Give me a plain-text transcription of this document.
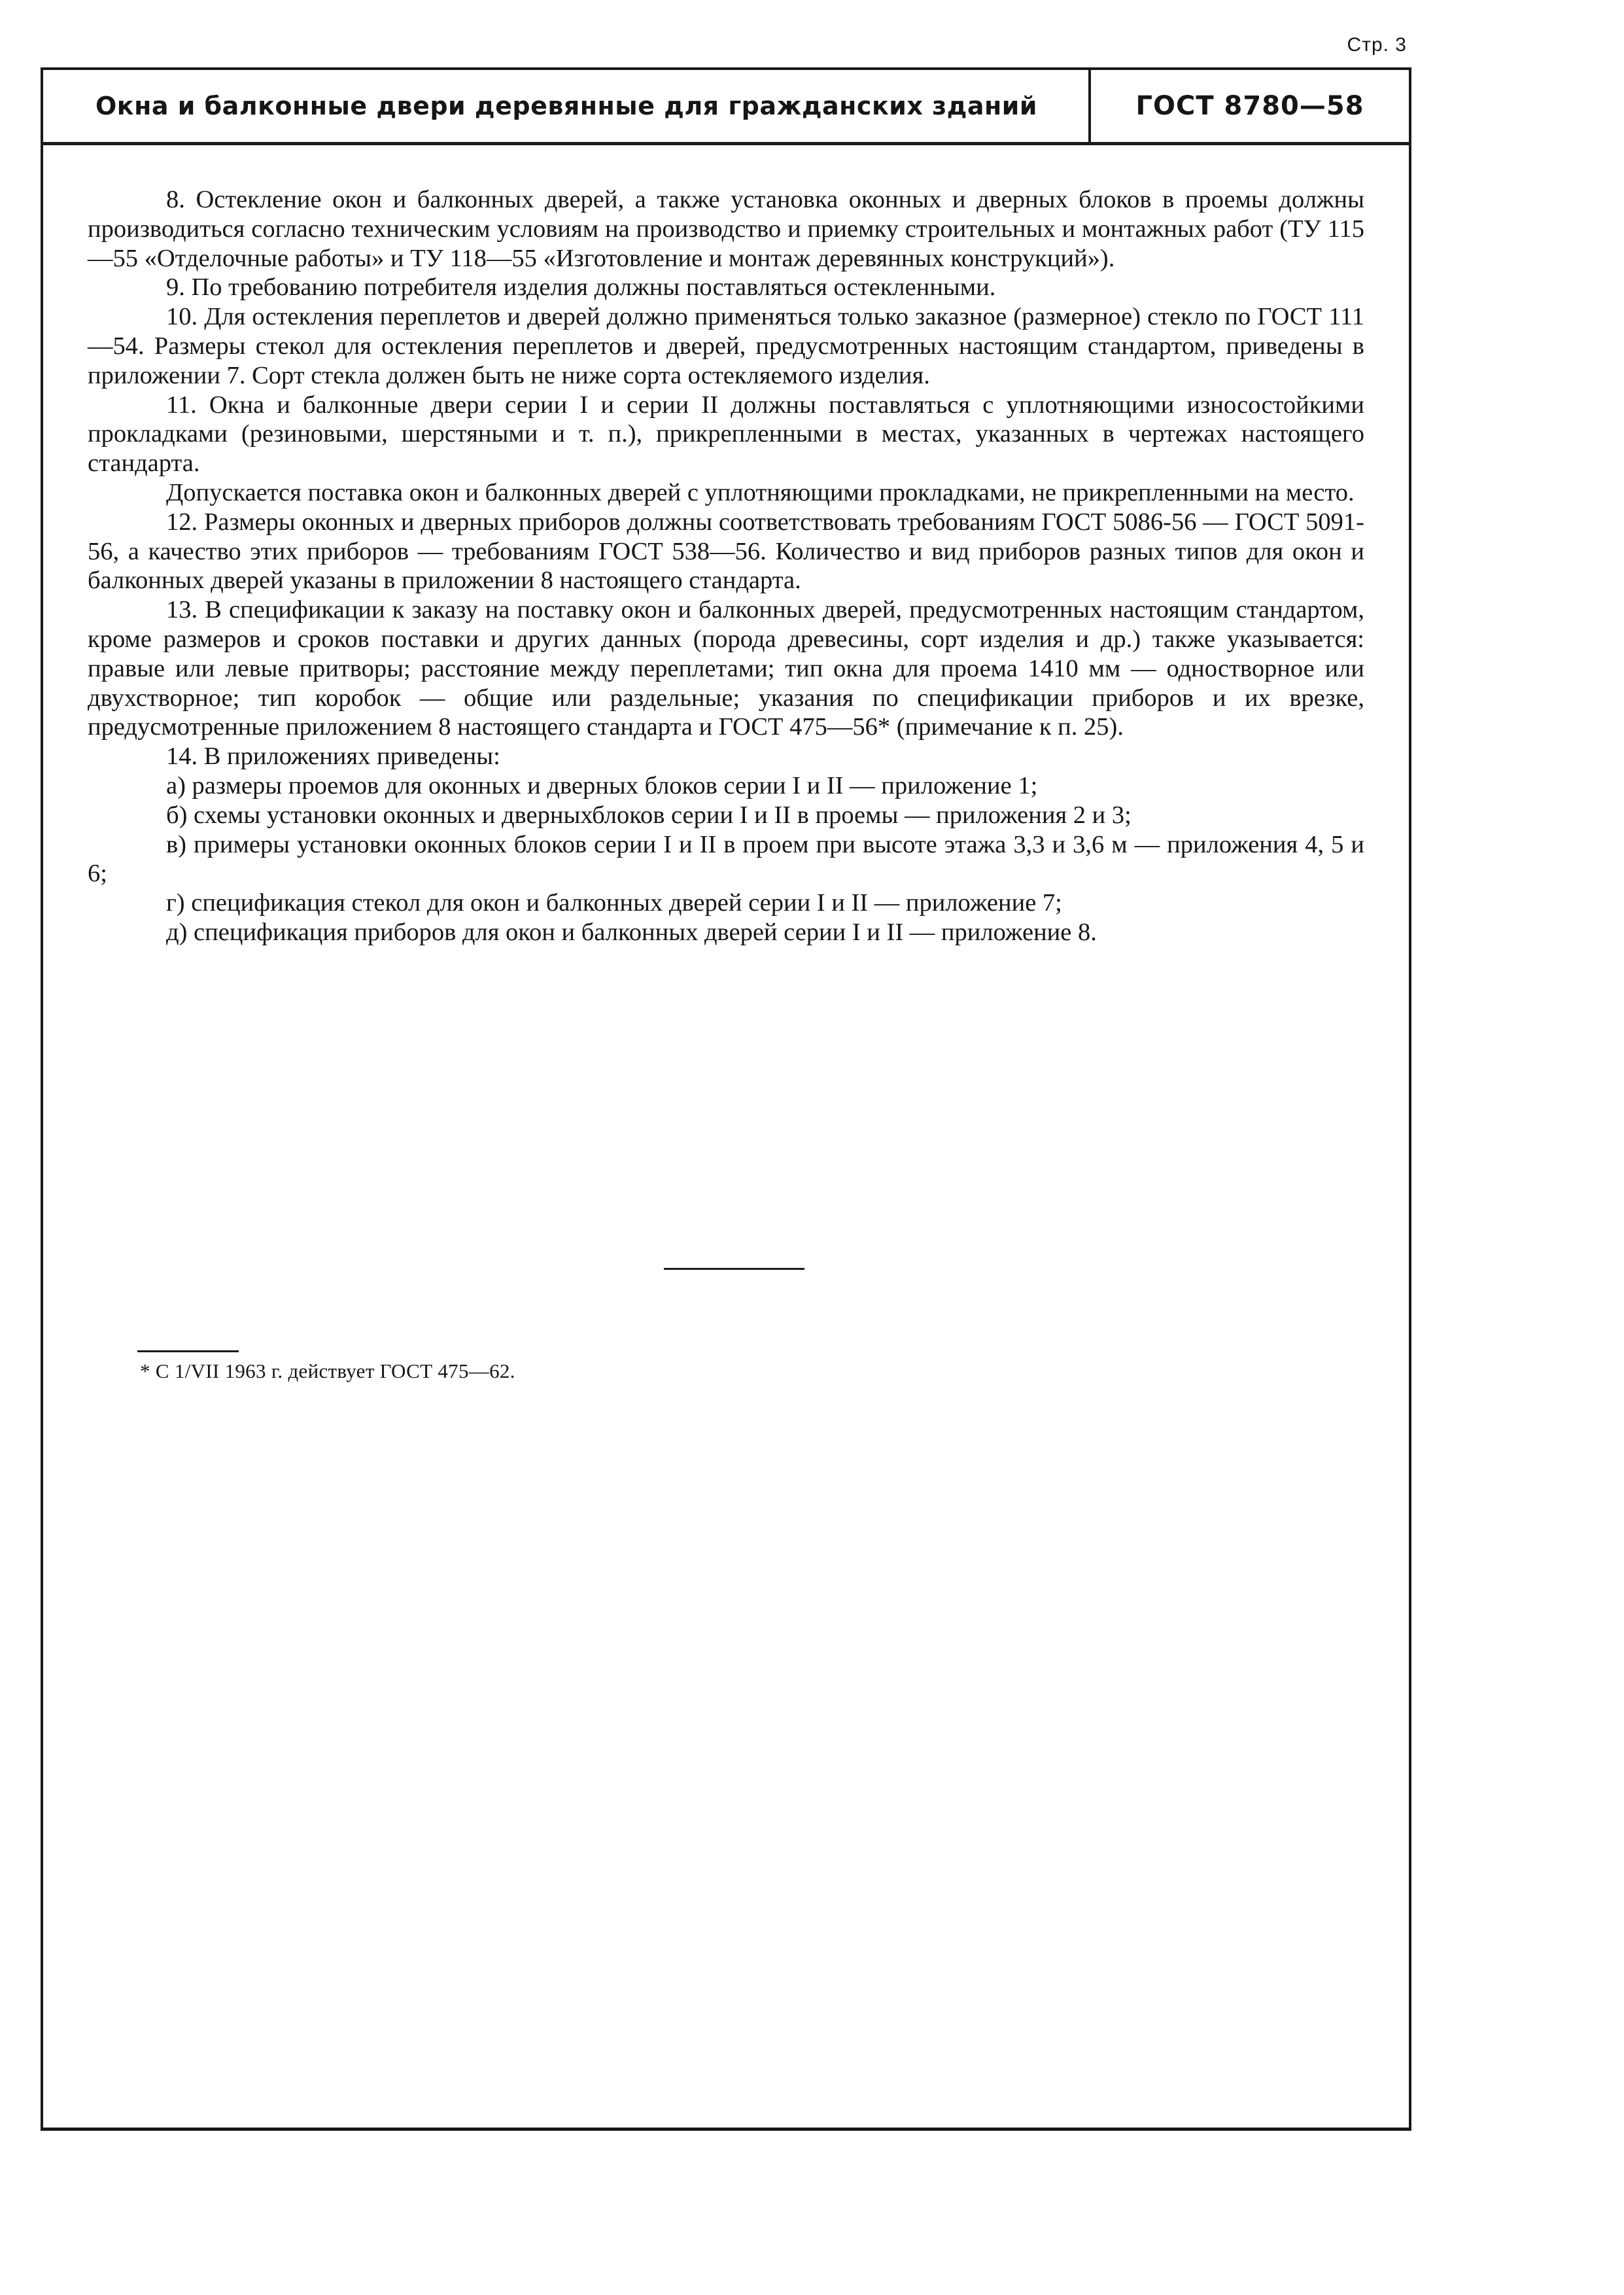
Стр. 3
Окна и балконные двери деревянные для гражданских зданий	ГОСТ 8780—58

8. Остекление окон и балконных дверей, а также установка оконных и дверных блоков в проемы должны производиться согласно техническим условиям на производство и приемку строительных и монтажных работ (ТУ 115—55 «Отделочные работы» и ТУ 118—55 «Изготовление и монтаж деревянных конструкций»).

9. По требованию потребителя изделия должны поставляться остекленными.

10. Для остекления переплетов и дверей должно применяться только заказное (размерное) стекло по ГОСТ 111—54. Размеры стекол для остекления переплетов и дверей, предусмотренных настоящим стандартом, приведены в приложении 7. Сорт стекла должен быть не ниже сорта остекляемого изделия.

11. Окна и балконные двери серии I и серии II должны поставляться с уплотняющими износостойкими прокладками (резиновыми, шерстяными и т. п.), прикрепленными в местах, указанных в чертежах настоящего стандарта.

Допускается поставка окон и балконных дверей с уплотняющими прокладками, не прикрепленными на место.

12. Размеры оконных и дверных приборов должны соответствовать требованиям ГОСТ 5086-56 — ГОСТ 5091-56, а качество этих приборов — требованиям ГОСТ 538—56. Количество и вид приборов разных типов для окон и балконных дверей указаны в приложении 8 настоящего стандарта.

13. В спецификации к заказу на поставку окон и балконных дверей, предусмотренных настоящим стандартом, кроме размеров и сроков поставки и других данных (порода древесины, сорт изделия и др.) также указывается: правые или левые притворы; расстояние между переплетами; тип окна для проема 1410 мм — одностворное или двухстворное; тип коробок — общие или раздельные; указания по спецификации приборов и их врезке, предусмотренные приложением 8 настоящего стандарта и ГОСТ 475—56* (примечание к п. 25).

14. В приложениях приведены:

а) размеры проемов для оконных и дверных блоков серии I и II — приложение 1;

б) схемы установки оконных и дверныхблоков серии I и II в проемы — приложения 2 и 3;

в) примеры установки оконных блоков серии I и II в проем при высоте этажа 3,3 и 3,6 м — приложения 4, 5 и 6;

г) спецификация стекол для окон и балконных дверей серии I и II — приложение 7;

д) спецификация приборов для окон и балконных дверей серии I и II — приложение 8.

* С 1/VII 1963 г. действует ГОСТ 475—62.
